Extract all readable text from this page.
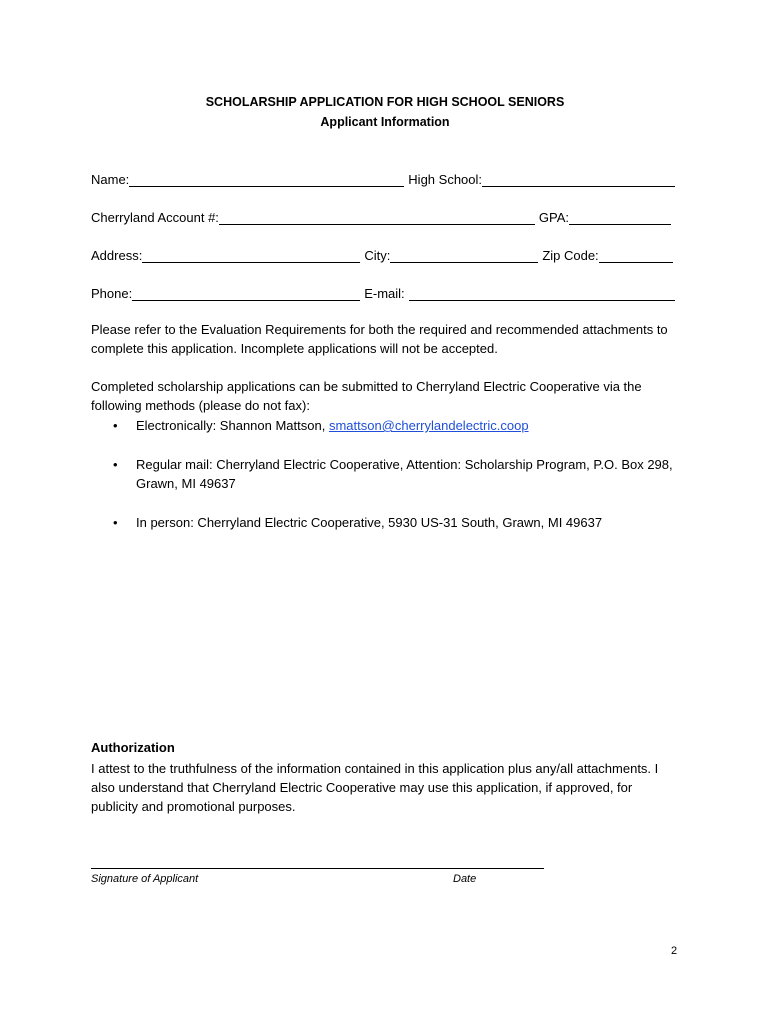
SCHOLARSHIP APPLICATION FOR HIGH SCHOOL SENIORS
Applicant Information
Name:	High School:
Cherryland Account #:	GPA:
Address:	City:	Zip Code:
Phone:	E-mail:
Please refer to the Evaluation Requirements for both the required and recommended attachments to complete this application. Incomplete applications will not be accepted.
Completed scholarship applications can be submitted to Cherryland Electric Cooperative via the following methods (please do not fax):
• Electronically: Shannon Mattson, smattson@cherrylandelectric.coop
• Regular mail: Cherryland Electric Cooperative, Attention: Scholarship Program, P.O. Box 298, Grawn, MI 49637
• In person: Cherryland Electric Cooperative, 5930 US-31 South, Grawn, MI 49637
Authorization
I attest to the truthfulness of the information contained in this application plus any/all attachments. I also understand that Cherryland Electric Cooperative may use this application, if approved, for publicity and promotional purposes.
Signature of Applicant	Date
2
